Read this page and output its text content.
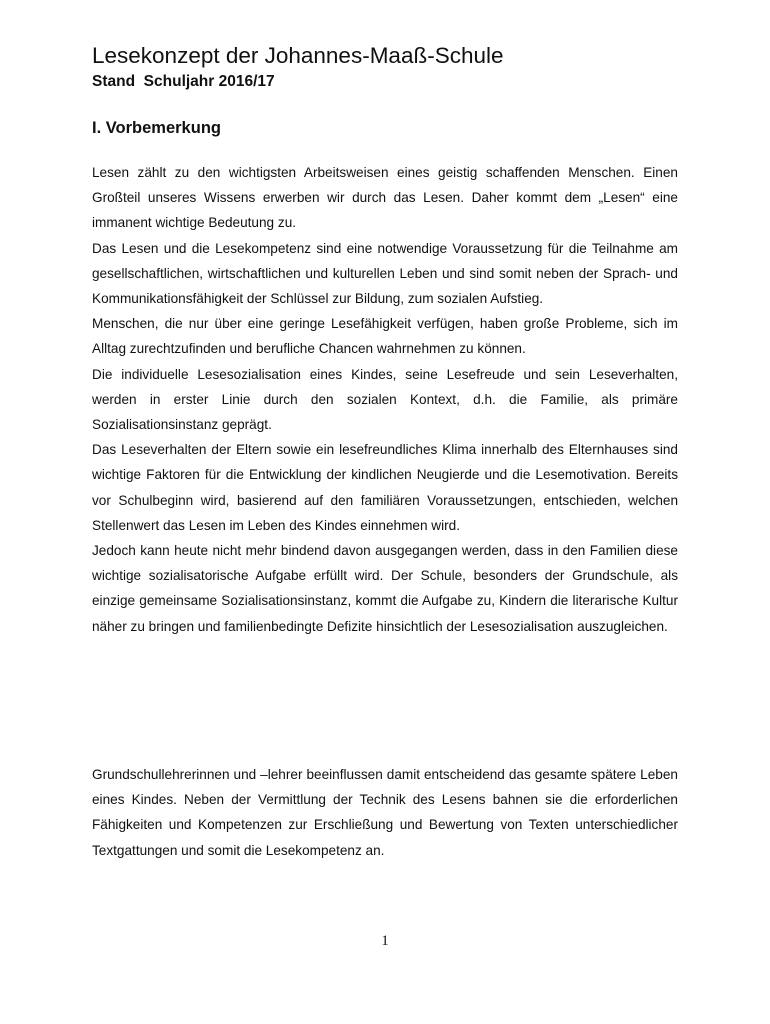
Lesekonzept der Johannes-Maaß-Schule
Stand  Schuljahr 2016/17
I. Vorbemerkung

Lesen zählt zu den wichtigsten Arbeitsweisen eines geistig schaffenden Menschen. Einen Großteil unseres Wissens erwerben wir durch das Lesen. Daher kommt dem „Lesen“ eine immanent wichtige Bedeutung zu.

Das Lesen und die Lesekompetenz sind eine notwendige Voraussetzung für die Teilnahme am gesellschaftlichen, wirtschaftlichen und kulturellen Leben und sind somit neben der Sprach- und Kommunikationsfähigkeit der Schlüssel zur Bildung, zum sozialen Aufstieg.

Menschen, die nur über eine geringe Lesefähigkeit verfügen, haben große Probleme, sich im Alltag zurechtzufinden und berufliche Chancen wahrnehmen zu können.

Die individuelle Lesesozialisation eines Kindes, seine Lesefreude und sein Leseverhalten, werden in erster Linie durch den sozialen Kontext, d.h. die Familie, als primäre Sozialisationsinstanz geprägt.

Das Leseverhalten der Eltern sowie ein lesefreundliches Klima innerhalb des Elternhauses sind wichtige Faktoren für die Entwicklung der kindlichen Neugierde und die Lesemotivation. Bereits vor Schulbeginn wird, basierend auf den familiären Voraussetzungen, entschieden, welchen Stellenwert das Lesen im Leben des Kindes einnehmen wird.

Jedoch kann heute nicht mehr bindend davon ausgegangen werden, dass in den Familien diese wichtige sozialisatorische Aufgabe erfüllt wird. Der Schule, besonders der Grundschule, als einzige gemeinsame Sozialisationsinstanz, kommt die Aufgabe zu, Kindern die literarische Kultur näher zu bringen und familienbedingte Defizite hinsichtlich der Lesesozialisation auszugleichen.

Grundschullehrerinnen und –lehrer beeinflussen damit entscheidend das gesamte spätere Leben eines Kindes. Neben der Vermittlung der Technik des Lesens bahnen sie die erforderlichen Fähigkeiten und Kompetenzen zur Erschließung und Bewertung von Texten unterschiedlicher Textgattungen und somit die Lesekompetenz an.

1
